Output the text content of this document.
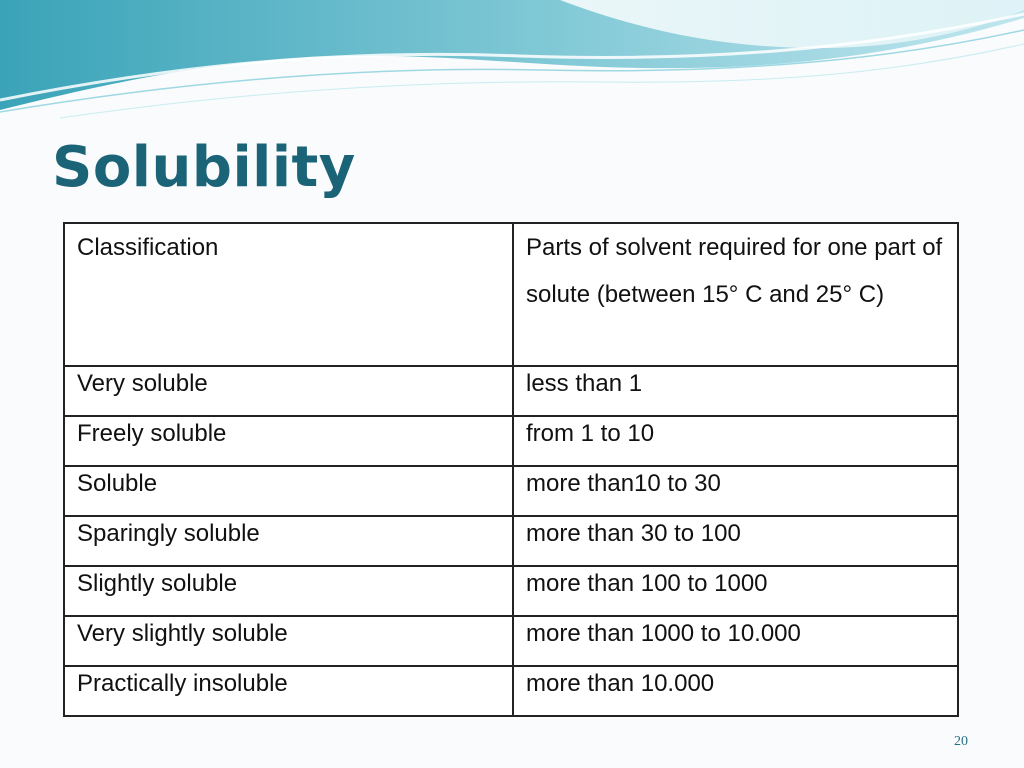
Solubility
Classification	Parts of solvent required for one part of solute (between 15° C and 25° C)
Very soluble	less than 1
Freely soluble	from 1 to 10
Soluble	more than10 to 30
Sparingly soluble	more than 30 to 100
Slightly soluble	more than 100 to 1000
Very slightly soluble	more than 1000 to 10.000
Practically insoluble	more than 10.000
20
